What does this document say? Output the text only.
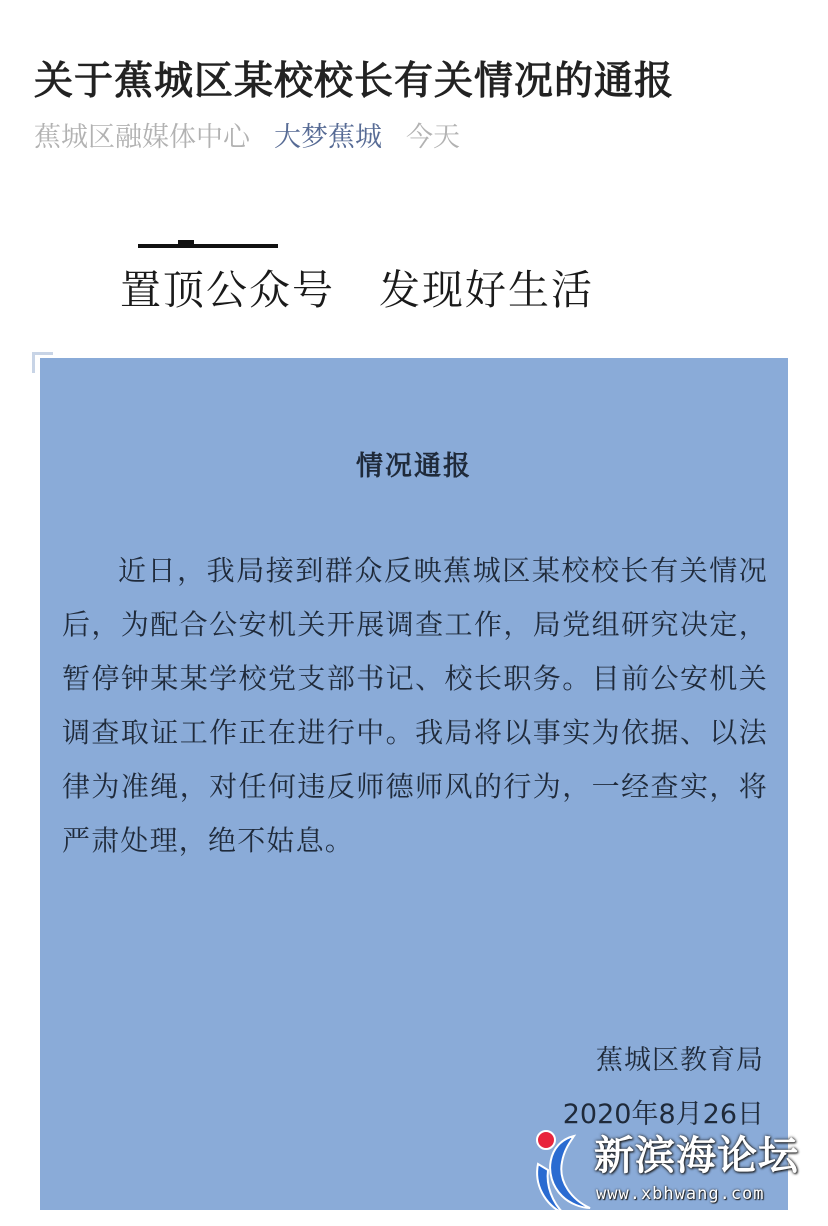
关于蕉城区某校校长有关情况的通报
蕉城区融媒体中心 大梦蕉城 今天
置顶公众号 发现好生活
情况通报
近日，我局接到群众反映蕉城区某校校长有关情况后，为配合公安机关开展调查工作，局党组研究决定，暂停钟某某学校党支部书记、校长职务。目前公安机关调查取证工作正在进行中。我局将以事实为依据、以法律为准绳，对任何违反师德师风的行为，一经查实，将严肃处理，绝不姑息。
蕉城区教育局
2020年8月26日
新滨海论坛
www.xbhwang.com
